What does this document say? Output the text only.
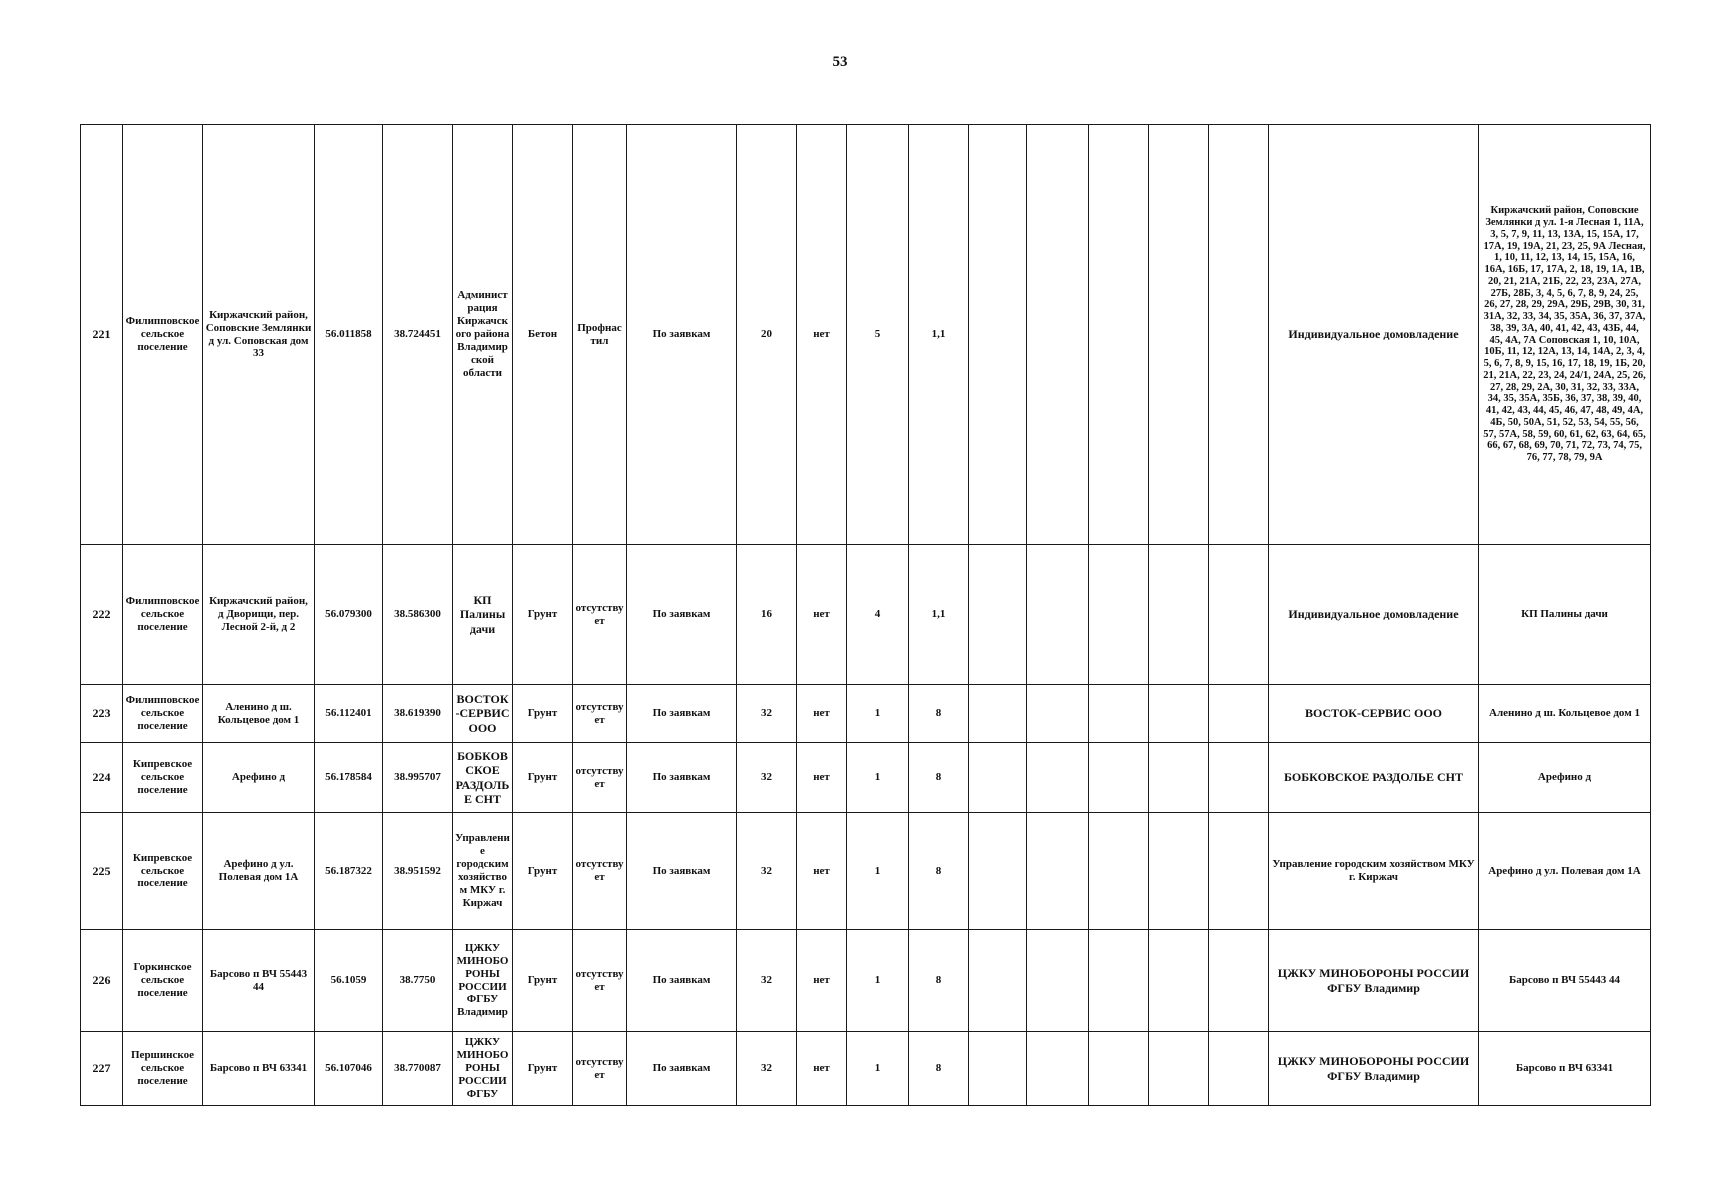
53
221	Филипповское сельское поселение	Киржачский район, Соповские Землянки д ул. Соповская дом 33	56.011858	38.724451	Администрация Киржачского района Владимирской области	Бетон	Профнастил	По заявкам	20	нет	5	1,1						Индивидуальное домовладение	Киржачский район, Соповские Землянки д ул. 1-я Лесная 1, 11А, 3, 5, 7, 9, 11, 13, 13А, 15, 15А, 17, 17А, 19, 19А, 21, 23, 25, 9А Лесная, 1, 10, 11, 12, 13, 14, 15, 15А, 16, 16А, 16Б, 17, 17А, 2, 18, 19, 1А, 1В, 20, 21, 21А, 21Б, 22, 23, 23А, 27А, 27Б, 28Б, 3, 4, 5, 6, 7, 8, 9, 24, 25, 26, 27, 28, 29, 29А, 29Б, 29В, 30, 31, 31А, 32, 33, 34, 35, 35А, 36, 37, 37А, 38, 39, 3А, 40, 41, 42, 43, 43Б, 44, 45, 4А, 7А Соповская 1, 10, 10А, 10Б, 11, 12, 12А, 13, 14, 14А, 2, 3, 4, 5, 6, 7, 8, 9, 15, 16, 17, 18, 19, 1Б, 20, 21, 21А, 22, 23, 24, 24/1, 24А, 25, 26, 27, 28, 29, 2А, 30, 31, 32, 33, 33А, 34, 35, 35А, 35Б, 36, 37, 38, 39, 40, 41, 42, 43, 44, 45, 46, 47, 48, 49, 4А, 4Б, 50, 50А, 51, 52, 53, 54, 55, 56, 57, 57А, 58, 59, 60, 61, 62, 63, 64, 65, 66, 67, 68, 69, 70, 71, 72, 73, 74, 75, 76, 77, 78, 79, 9А
222	Филипповское сельское поселение	Киржачский район, д Дворищи, пер. Лесной 2-й, д 2	56.079300	38.586300	КП Палины дачи	Грунт	отсутствует	По заявкам	16	нет	4	1,1						Индивидуальное домовладение	КП Палины дачи
223	Филипповское сельское поселение	Аленино д ш. Кольцевое дом 1	56.112401	38.619390	ВОСТОК-СЕРВИС ООО	Грунт	отсутствует	По заявкам	32	нет	1	8						ВОСТОК-СЕРВИС ООО	Аленино д ш. Кольцевое дом 1
224	Кипревское сельское поселение	Арефино д	56.178584	38.995707	БОБКОВСКОЕ РАЗДОЛЬЕ СНТ	Грунт	отсутствует	По заявкам	32	нет	1	8						БОБКОВСКОЕ РАЗДОЛЬЕ СНТ	Арефино д
225	Кипревское сельское поселение	Арефино д ул. Полевая дом 1А	56.187322	38.951592	Управление городским хозяйством МКУ г. Киржач	Грунт	отсутствует	По заявкам	32	нет	1	8						Управление городским хозяйством МКУ г. Киржач	Арефино д ул. Полевая дом 1А
226	Горкинское сельское поселение	Барсово п ВЧ 55443 44	56.1059	38.7750	ЦЖКУ МИНОБОРОНЫ РОССИИ ФГБУ Владимир	Грунт	отсутствует	По заявкам	32	нет	1	8						ЦЖКУ МИНОБОРОНЫ РОССИИ ФГБУ Владимир	Барсово п ВЧ 55443 44
227	Першинское сельское поселение	Барсово п ВЧ 63341	56.107046	38.770087	ЦЖКУ МИНОБОРОНЫ РОССИИ ФГБУ	Грунт	отсутствует	По заявкам	32	нет	1	8						ЦЖКУ МИНОБОРОНЫ РОССИИ ФГБУ Владимир	Барсово п ВЧ 63341
